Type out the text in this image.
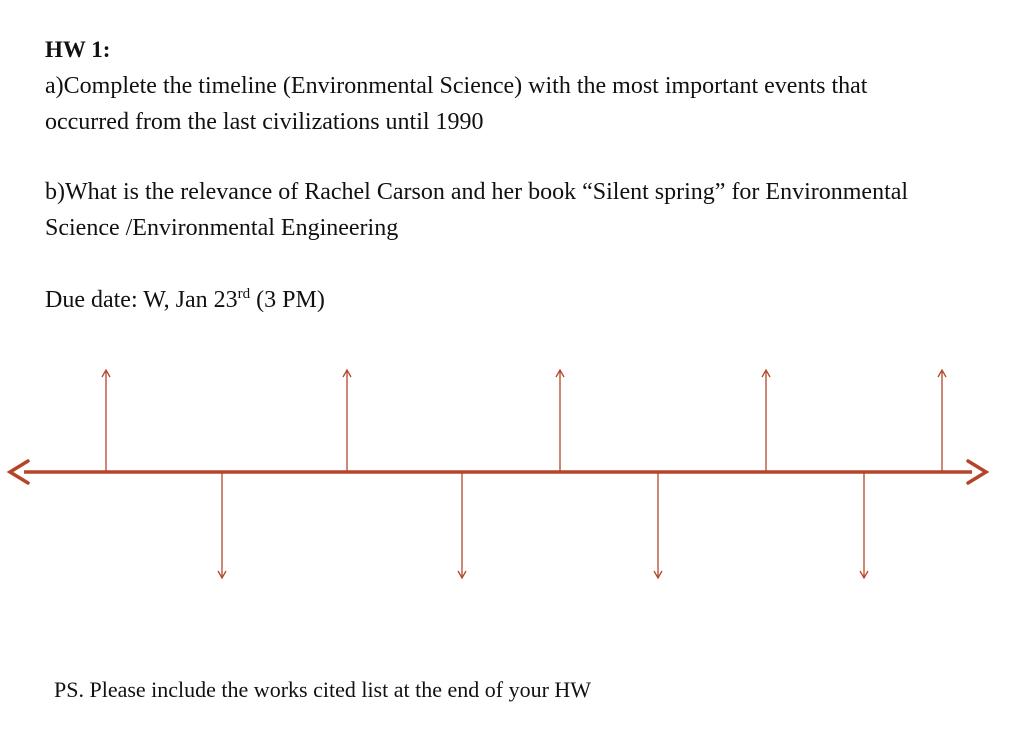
HW 1:
a)Complete the timeline (Environmental Science) with the most important events that
occurred from the last civilizations until 1990
b)What is the relevance of Rachel Carson and her book “Silent spring” for Environmental
Science /Environmental Engineering
Due date: W, Jan 23rd (3 PM)
PS. Please include the works cited list at the end of your HW
